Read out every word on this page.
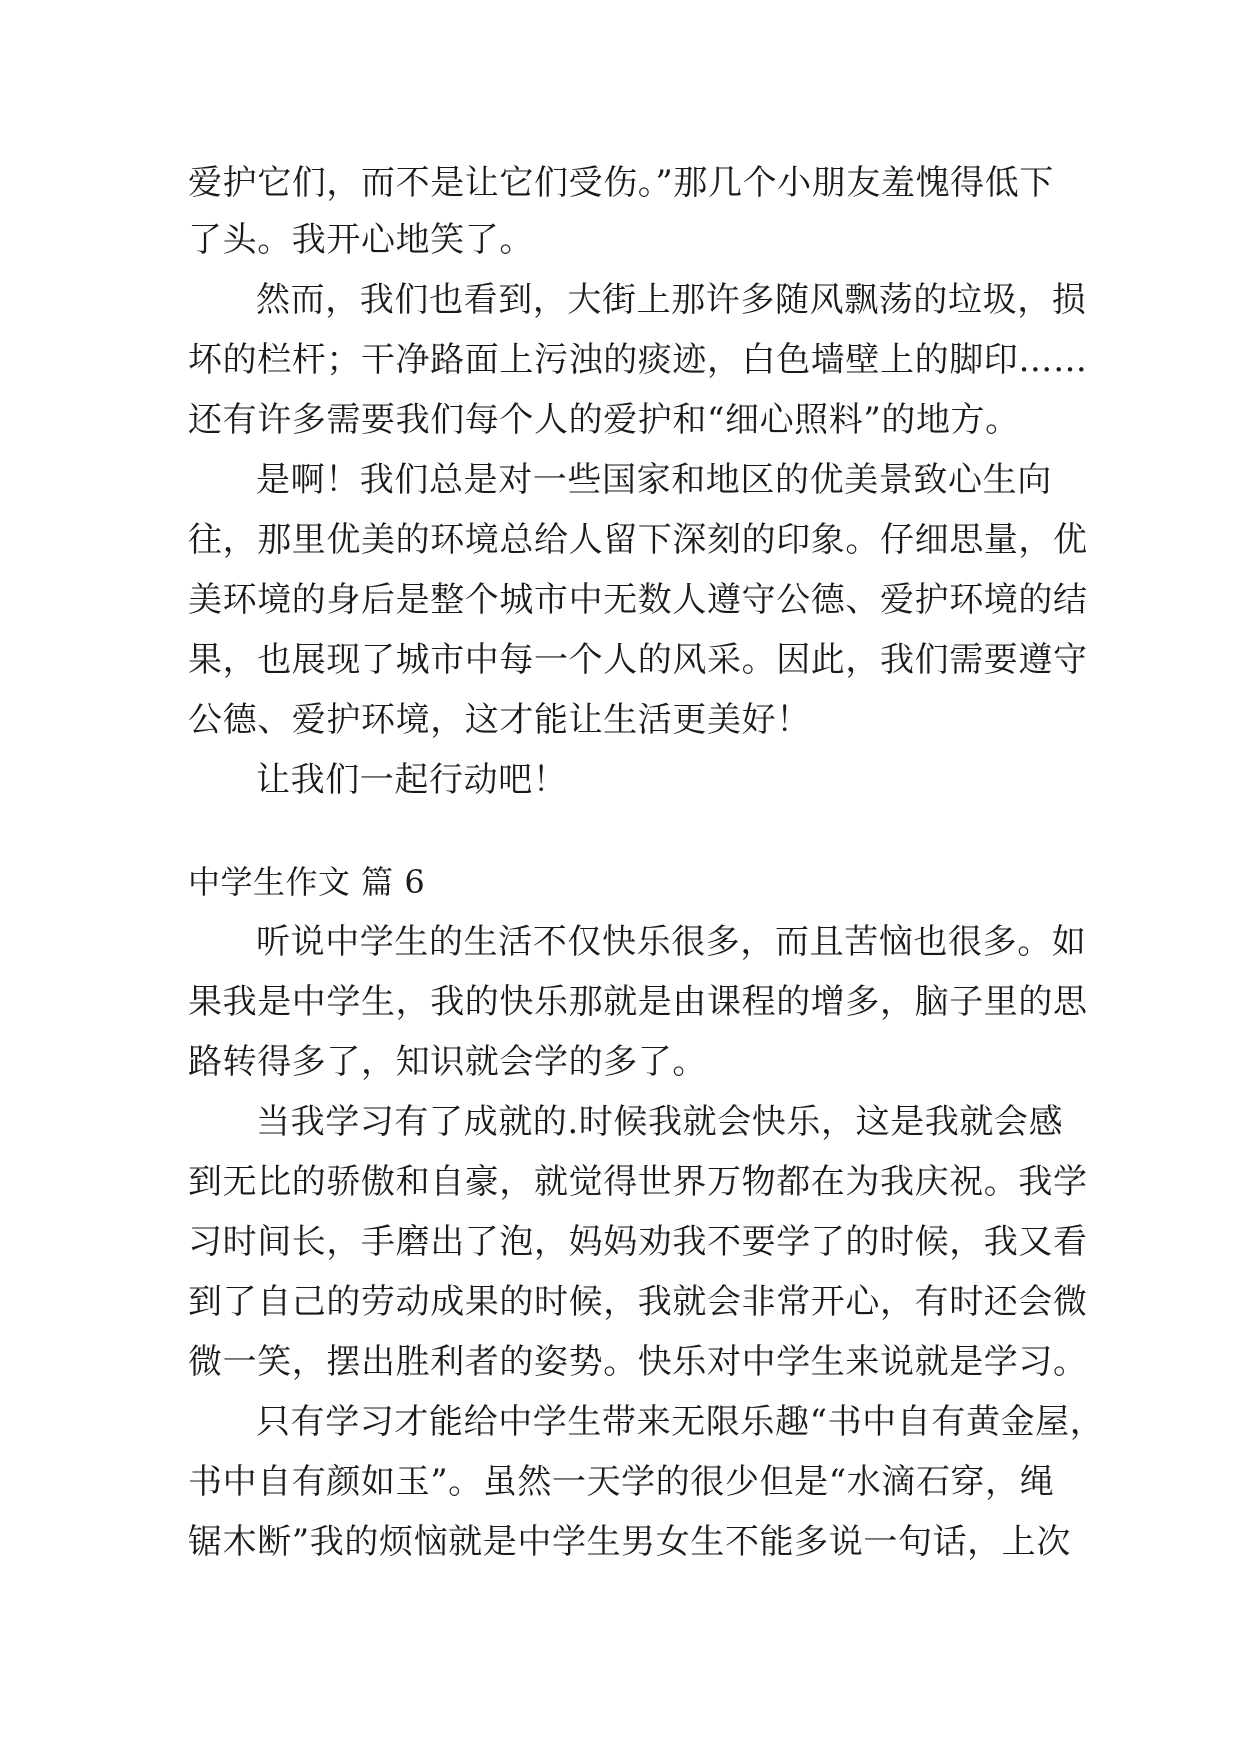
爱护它们，而不是让它们受伤。”那几个小朋友羞愧得低下
了头。我开心地笑了。
然而，我们也看到，大街上那许多随风飘荡的垃圾，损
坏的栏杆；干净路面上污浊的痰迹，白色墙壁上的脚印……
还有许多需要我们每个人的爱护和“细心照料”的地方。
是啊！我们总是对一些国家和地区的优美景致心生向
往，那里优美的环境总给人留下深刻的印象。仔细思量，优
美环境的身后是整个城市中无数人遵守公德、爱护环境的结
果，也展现了城市中每一个人的风采。因此，我们需要遵守
公德、爱护环境，这才能让生活更美好！
让我们一起行动吧！
中学生作文 篇 6
听说中学生的生活不仅快乐很多，而且苦恼也很多。如
果我是中学生，我的快乐那就是由课程的增多，脑子里的思
路转得多了，知识就会学的多了。
当我学习有了成就的.时候我就会快乐，这是我就会感
到无比的骄傲和自豪，就觉得世界万物都在为我庆祝。我学
习时间长，手磨出了泡，妈妈劝我不要学了的时候，我又看
到了自己的劳动成果的时候，我就会非常开心，有时还会微
微一笑，摆出胜利者的姿势。快乐对中学生来说就是学习。
只有学习才能给中学生带来无限乐趣“书中自有黄金屋，
书中自有颜如玉”。虽然一天学的很少但是“水滴石穿，绳
锯木断”我的烦恼就是中学生男女生不能多说一句话，上次
